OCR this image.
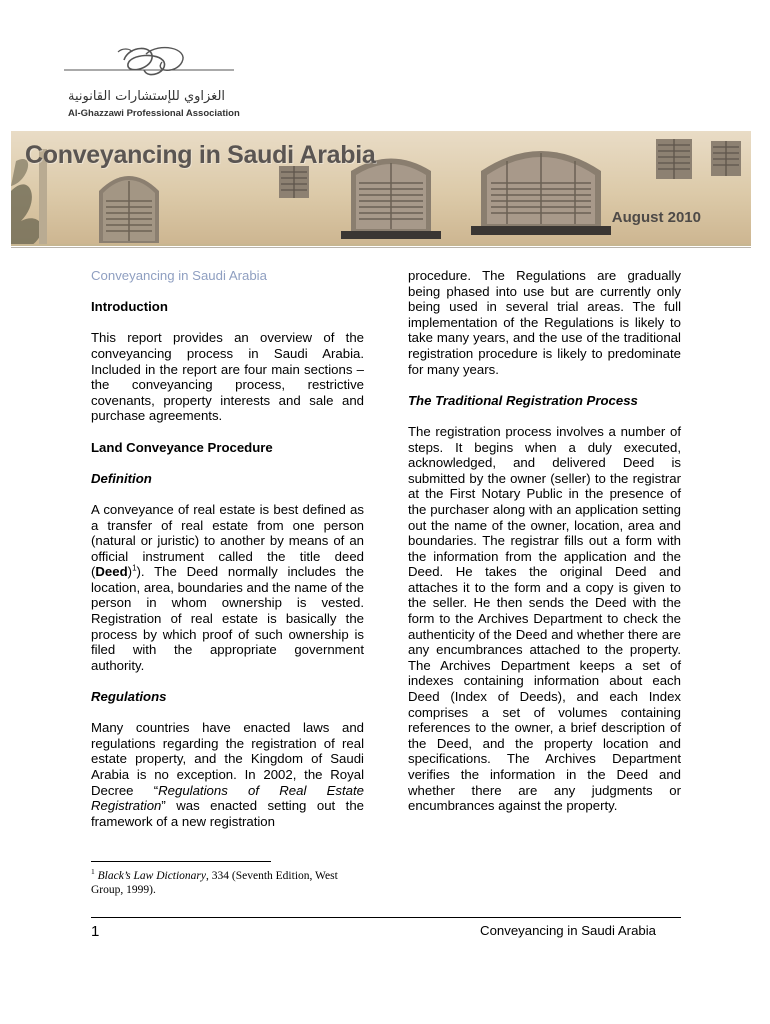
الغزاوي للإستشارات القانونية
Al-Ghazzawi Professional Association
Conveyancing in Saudi Arabia
August 2010
Conveyancing in Saudi Arabia
Introduction
This report provides an overview of the conveyancing process in Saudi Arabia. Included in the report are four main sections – the conveyancing process, restrictive covenants, property interests and sale and purchase agreements.
Land Conveyance Procedure
Definition
A conveyance of real estate is best defined as a transfer of real estate from one person (natural or juristic) to another by means of an official instrument called the title deed (Deed)$^1$). The Deed normally includes the location, area, boundaries and the name of the person in whom ownership is vested. Registration of real estate is basically the process by which proof of such ownership is filed with the appropriate government authority.
Regulations
Many countries have enacted laws and regulations regarding the registration of real estate property, and the Kingdom of Saudi Arabia is no exception. In 2002, the Royal Decree “Regulations of Real Estate Registration” was enacted setting out the framework of a new registration
procedure. The Regulations are gradually being phased into use but are currently only being used in several trial areas. The full implementation of the Regulations is likely to take many years, and the use of the traditional registration procedure is likely to predominate for many years.
The Traditional Registration Process
The registration process involves a number of steps. It begins when a duly executed, acknowledged, and delivered Deed is submitted by the owner (seller) to the registrar at the First Notary Public in the presence of the purchaser along with an application setting out the name of the owner, location, area and boundaries. The registrar fills out a form with the information from the application and the Deed. He takes the original Deed and attaches it to the form and a copy is given to the seller. He then sends the Deed with the form to the Archives Department to check the authenticity of the Deed and whether there are any encumbrances attached to the property. The Archives Department keeps a set of indexes containing information about each Deed (Index of Deeds), and each Index comprises a set of volumes containing references to the owner, a brief description of the Deed, and the property location and specifications. The Archives Department verifies the information in the Deed and whether there are any judgments or encumbrances against the property.
$^1$ Black’s Law Dictionary, 334 (Seventh Edition, West Group, 1999).
1	Conveyancing in Saudi Arabia
